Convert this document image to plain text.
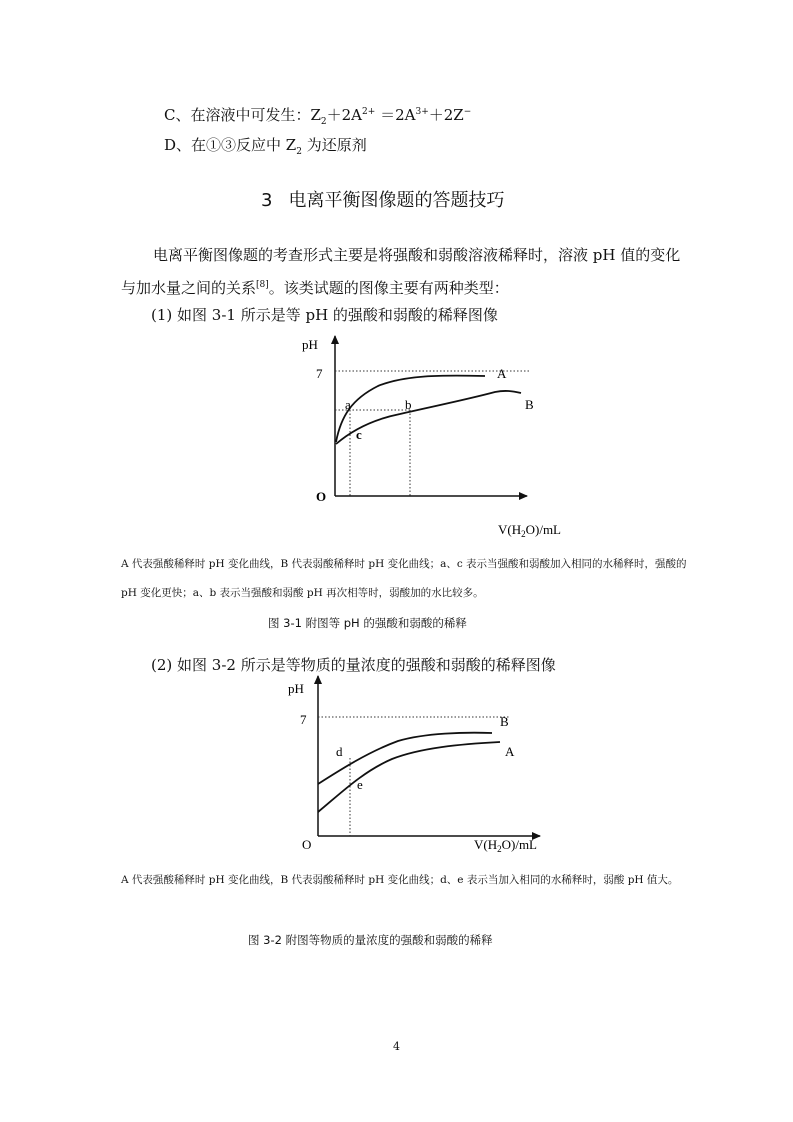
C、在溶液中可发生：$Z_2+2A^{2+} =2A^{3+}+2Z^-$
D、在①③反应中 $Z_2$ 为还原剂
3 电离平衡图像题的答题技巧
电离平衡图像题的考查形式主要是将强酸和弱酸溶液稀释时，溶液 pH 值的变化与加水量之间的关系[8]。该类试题的图像主要有两种类型：
(1) 如图 3-1 所示是等 pH 的强酸和弱酸的稀释图像
pH
7
O
A
B
a	b
c
$V(H_2O)/mL$
A 代表强酸稀释时 pH 变化曲线，B 代表弱酸稀释时 pH 变化曲线；a、c 表示当强酸和弱酸加入相同的水稀释时，强酸的 pH 变化更快；a、b 表示当强酸和弱酸 pH 再次相等时，弱酸加的水比较多。
图 3-1 附图等 pH 的强酸和弱酸的稀释
(2) 如图 3-2 所示是等物质的量浓度的强酸和弱酸的稀释图像
pH
7
O
B
A
d
e
$V(H_2O)/mL$
A 代表强酸稀释时 pH 变化曲线，B 代表弱酸稀释时 pH 变化曲线；d、e 表示当加入相同的水稀释时，弱酸 pH 值大。
图 3-2 附图等物质的量浓度的强酸和弱酸的稀释
4
